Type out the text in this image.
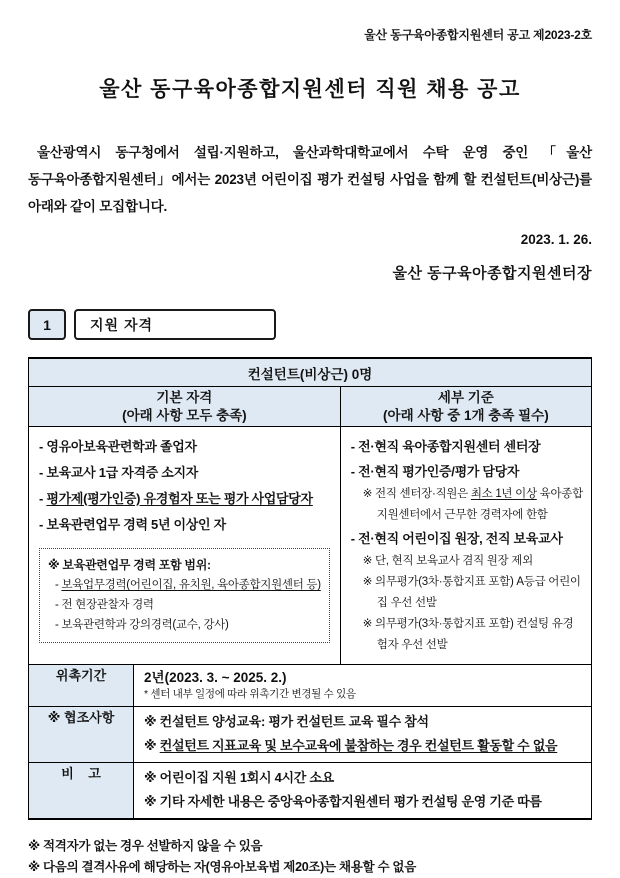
울산 동구육아종합지원센터 공고 제2023-2호
울산 동구육아종합지원센터 직원 채용 공고
울산광역시 동구청에서 설립·지원하고, 울산과학대학교에서 수탁 운영 중인 「울산 동구육아종합지원센터」에서는 2023년 어린이집 평가 컨설팅 사업을 함께 할 컨설턴트(비상근)를 아래와 같이 모집합니다.
2023. 1. 26.
울산 동구육아종합지원센터장
1	지원 자격
컨설턴트(비상근) 0명		

기본 자격
(아래 사항 모두 충족)

세부 기준
(아래 사항 중 1개 충족 필수)

- 영유아보육관련학과 졸업자
- 보육교사 1급 자격증 소지자
- 평가제(평가인증) 유경험자 또는 평가 사업담당자
- 보육관련업무 경력 5년 이상인 자
※ 보육관련업무 경력 포함 범위:
- 보육업무경력(어린이집, 유치원, 육아종합지원센터 등)
- 전 현장관찰자 경력
- 보육관련학과 강의경력(교수, 강사)

- 전·현직 육아종합지원센터 센터장
- 전·현직 평가인증/평가 담당자
※ 전직 센터장·직원은 최소 1년 이상 육아종합지원센터에서 근무한 경력자에 한함
- 전·현직 어린이집 원장, 전직 보육교사
※ 단, 현직 보육교사 겸직 원장 제외
※ 의무평가(3차·통합지표 포함) A등급 어린이집 우선 선발
※ 의무평가(3차·통합지표 포함) 컨설팅 유경험자 우선 선발

위촉기간	2년(2023. 3. ~ 2025. 2.)
* 센터 내부 일정에 따라 위촉기간 변경될 수 있음	

※ 협조사항	※ 컨설턴트 양성교육: 평가 컨설턴트 교육 필수 참석
※ 컨설턴트 지표교육 및 보수교육에 불참하는 경우 컨설턴트 활동할 수 없음	

비    고	※ 어린이집 지원 1회시 4시간 소요
※ 기타 자세한 내용은 중앙육아종합지원센터 평가 컨설팅 운영 기준 따름	
※ 적격자가 없는 경우 선발하지 않을 수 있음
※ 다음의 결격사유에 해당하는 자(영유아보육법 제20조)는 채용할 수 없음
